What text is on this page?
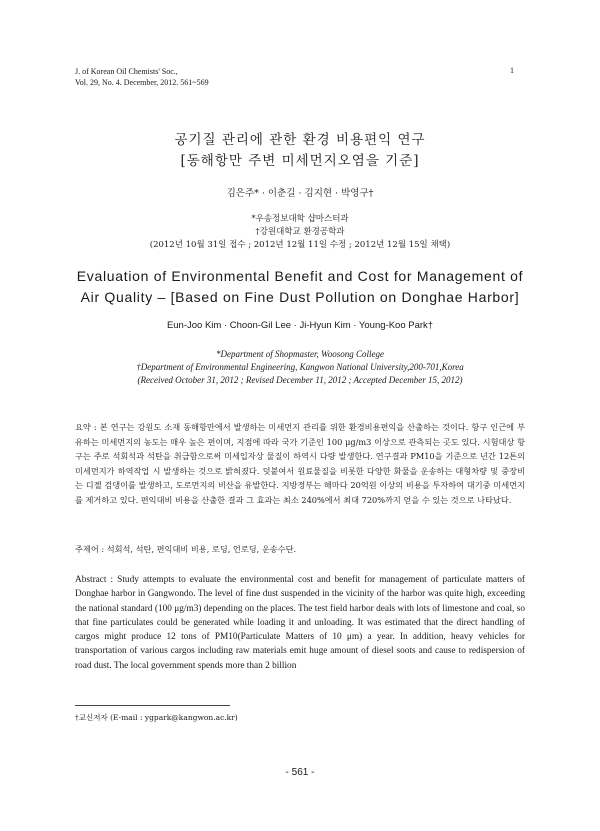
J. of Korean Oil Chemists' Soc.,
Vol. 29, No. 4. December, 2012. 561~569
1
공기질 관리에 관한 환경 비용편익 연구
[동해항만 주변 미세먼지오염을 기준]
김은주* · 이춘길 · 김지현 · 박영구†
*우송정보대학 샵마스터과
†강원대학교 환경공학과
(2012년 10월 31일 접수 ; 2012년 12월 11일 수정 ; 2012년 12월 15일 채택)
Evaluation of Environmental Benefit and Cost for Management of
Air Quality – [Based on Fine Dust Pollution on Donghae Harbor]
Eun-Joo Kim · Choon-Gil Lee · Ji-Hyun Kim · Young-Koo Park†
*Department of Shopmaster, Woosong College
†Department of Environmental Engineering, Kangwon National University,200-701,Korea
(Received October 31, 2012 ; Revised December 11, 2012 ; Accepted December 15, 2012)
요약 : 본 연구는 강원도 소재 동해항만에서 발생하는 미세먼지 관리를 위한 환경비용편익을 산출하는 것이다. 항구 인근에 부유하는 미세먼지의 농도는 매우 높은 편이며, 지점에 따라 국가 기준인 100 μg/m3 이상으로 관측되는 곳도 있다. 시험대상 항구는 주로 석회석과 석탄을 취급함으로써 미세입자상 물질이 하역시 다량 발생한다. 연구결과 PM10을 기준으로 년간 12톤의 미세먼지가 하역작업 시 발생하는 것으로 밝혀졌다. 덧붙여서 원료물질을 비롯한 다양한 화물을 운송하는 대형차량 및 중장비는 디젤 검댕이를 발생하고, 도로먼지의 비산을 유발한다. 지방정부는 해마다 20억원 이상의 비용을 투자하여 대기중 미세먼지를 제거하고 있다. 편익대비 비용을 산출한 결과 그 효과는 최소 240%에서 최대 720%까지 얻을 수 있는 것으로 나타났다.
주제어 : 석회석, 석탄, 편익대비 비용, 로딩, 언로딩, 운송수단.
Abstract : Study attempts to evaluate the environmental cost and benefit for management of particulate matters of Donghae harbor in Gangwondo. The level of fine dust suspended in the vicinity of the harbor was quite high, exceeding the national standard (100 μg/m3) depending on the places. The test field harbor deals with lots of limestone and coal, so that fine particulates could be generated while loading it and unloading. It was estimated that the direct handling of cargos might produce 12 tons of PM10(Particulate Matters of 10 μm) a year. In addition, heavy vehicles for transportation of various cargos including raw materials emit huge amount of diesel soots and cause to redispersion of road dust. The local government spends more than 2 billion
†교신저자 (E-mail : ygpark@kangwon.ac.kr)
- 561 -
